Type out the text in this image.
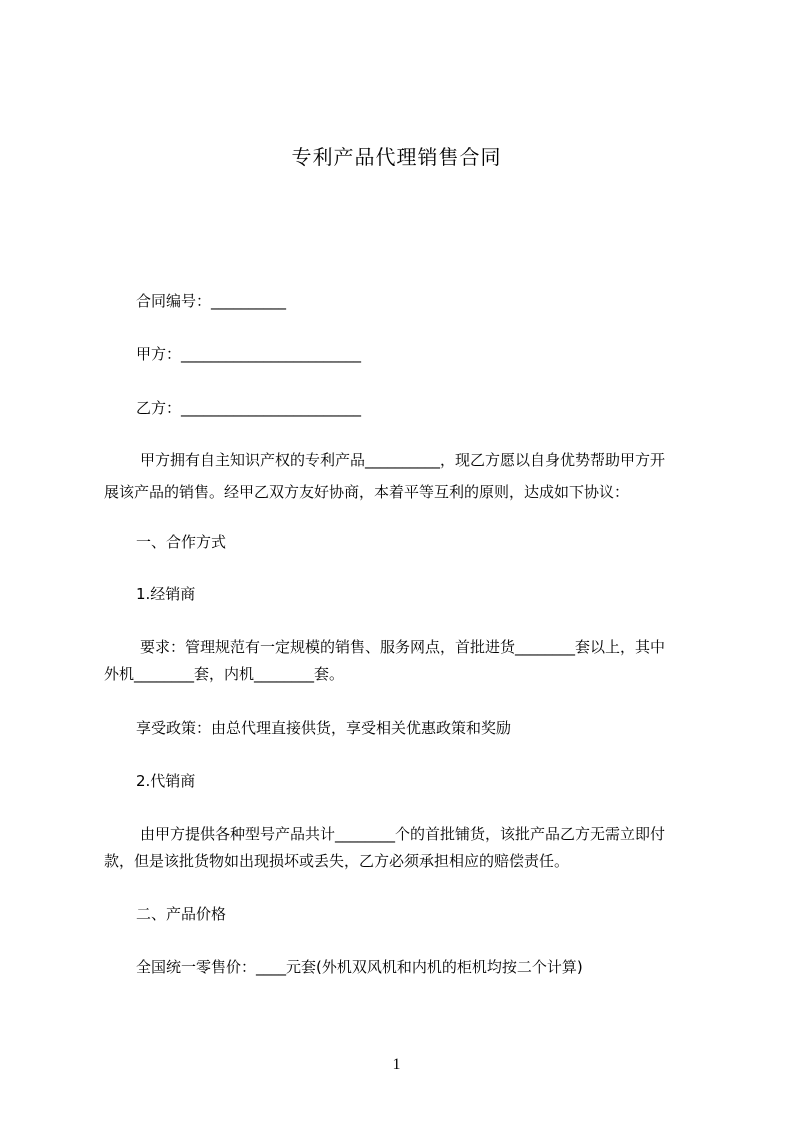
专利产品代理销售合同

合同编号：__________

甲方：________________________

乙方：________________________

甲方拥有自主知识产权的专利产品__________，现乙方愿以自身优势帮助甲方开

展该产品的销售。经甲乙双方友好协商，本着平等互利的原则，达成如下协议：

一、合作方式

1.经销商

要求：管理规范有一定规模的销售、服务网点，首批进货________套以上，其中

外机________套，内机________套。

享受政策：由总代理直接供货，享受相关优惠政策和奖励

2.代销商

由甲方提供各种型号产品共计________个的首批铺货，该批产品乙方无需立即付

款，但是该批货物如出现损坏或丢失，乙方必须承担相应的赔偿责任。

二、产品价格

全国统一零售价：____元套(外机双风机和内机的柜机均按二个计算)

1
